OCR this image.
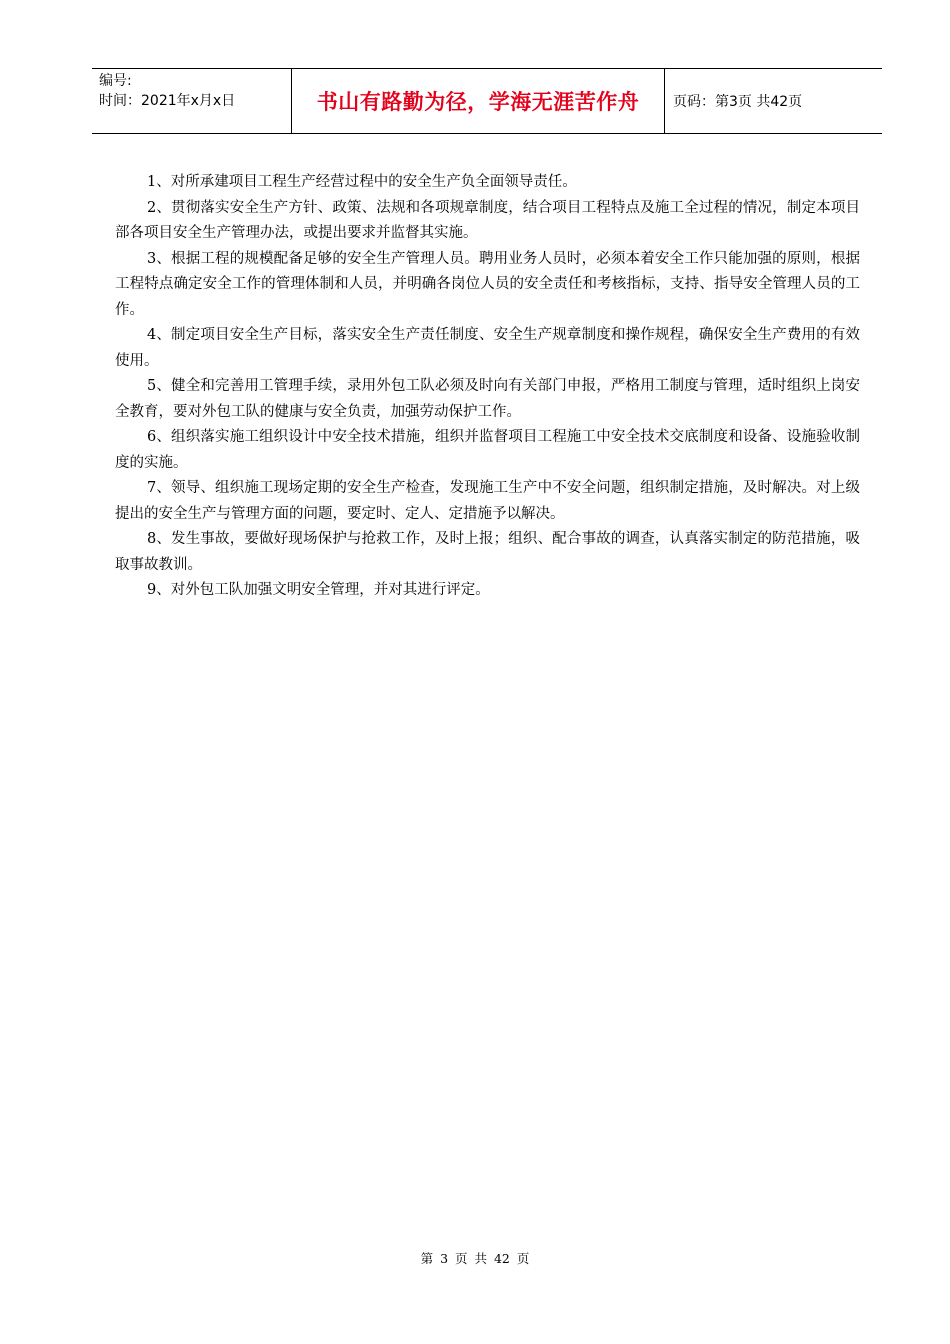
编号:
时间：2021年x月x日	书山有路勤为径，学海无涯苦作舟 页码：第3页 共42页

1、对所承建项目工程生产经营过程中的安全生产负全面领导责任。

2、贯彻落实安全生产方针、政策、法规和各项规章制度，结合项目工程特点及施工全过程的情况，制定本项目部各项目安全生产管理办法，或提出要求并监督其实施。

3、根据工程的规模配备足够的安全生产管理人员。聘用业务人员时，必须本着安全工作只能加强的原则，根据工程特点确定安全工作的管理体制和人员，并明确各岗位人员的安全责任和考核指标，支持、指导安全管理人员的工作。

4、制定项目安全生产目标，落实安全生产责任制度、安全生产规章制度和操作规程，确保安全生产费用的有效使用。

5、健全和完善用工管理手续，录用外包工队必须及时向有关部门申报，严格用工制度与管理，适时组织上岗安全教育，要对外包工队的健康与安全负责，加强劳动保护工作。

6、组织落实施工组织设计中安全技术措施，组织并监督项目工程施工中安全技术交底制度和设备、设施验收制度的实施。

7、领导、组织施工现场定期的安全生产检查，发现施工生产中不安全问题，组织制定措施，及时解决。对上级提出的安全生产与管理方面的问题，要定时、定人、定措施予以解决。

8、发生事故，要做好现场保护与抢救工作，及时上报；组织、配合事故的调查，认真落实制定的防范措施，吸取事故教训。

9、对外包工队加强文明安全管理，并对其进行评定。

第 3 页 共 42 页
